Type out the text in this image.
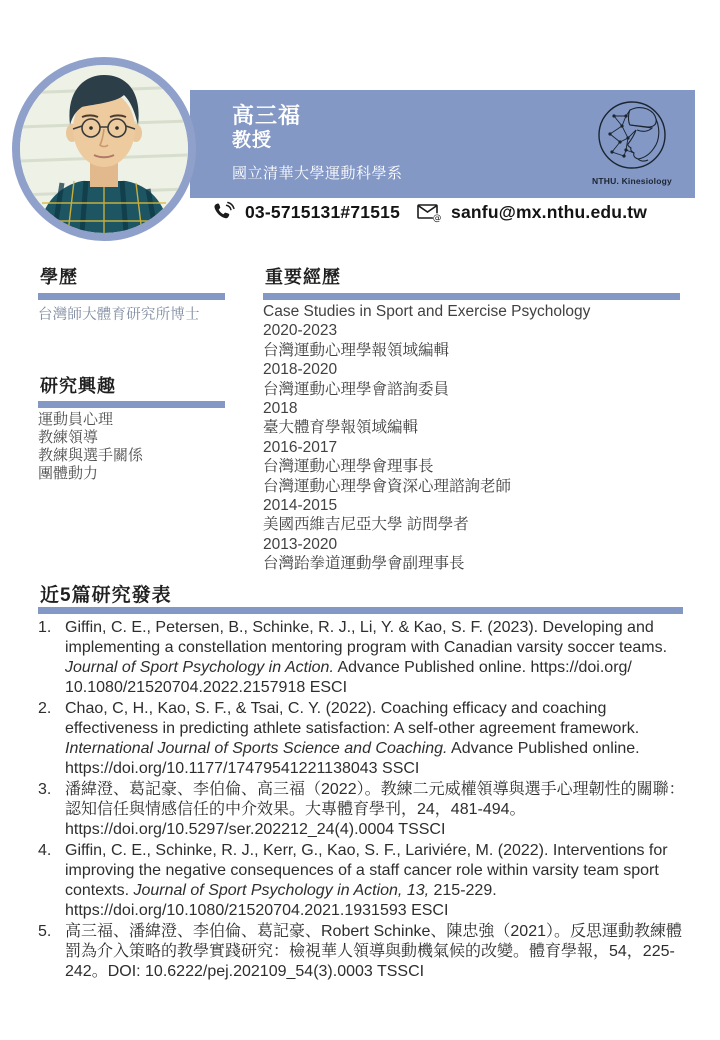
高三福
教授
國立清華大學運動科學系	NTHU. Kinesiology
03-5715131#71515	@ sanfu@mx.nthu.edu.tw
學歷
台灣師大體育研究所博士
研究興趣
運動員心理
教練領導
教練與選手關係
團體動力
重要經歷
Case Studies in Sport and Exercise Psychology
2020-2023
台灣運動心理學報領域編輯
2018-2020
台灣運動心理學會諮詢委員
2018
臺大體育學報領域編輯
2016-2017
台灣運動心理學會理事長
台灣運動心理學會資深心理諮詢老師
2014-2015
美國西維吉尼亞大學 訪問學者
2013-2020
台灣跆拳道運動學會副理事長
近5篇研究發表
1. Giffin, C. E., Petersen, B., Schinke, R. J., Li, Y. & Kao, S. F. (2023). Developing and implementing a constellation mentoring program with Canadian varsity soccer teams. Journal of Sport Psychology in Action. Advance Published online. https://doi.org/ 10.1080/21520704.2022.2157918 ESCI
2. Chao, C, H., Kao, S. F., & Tsai, C. Y. (2022). Coaching efficacy and coaching effectiveness in predicting athlete satisfaction: A self-other agreement framework. International Journal of Sports Science and Coaching. Advance Published online. https://doi.org/10.1177/17479541221138043 SSCI
3. 潘緯澄、葛記豪、李伯倫、高三福（2022）。教練二元威權領導與選手心理韌性的關聯：認知信任與情感信任的中介效果。大專體育學刊，24，481-494。https://doi.org/10.5297/ser.202212_24(4).0004 TSSCI
4. Giffin, C. E., Schinke, R. J., Kerr, G., Kao, S. F., Lariviére, M. (2022). Interventions for improving the negative consequences of a staff cancer role within varsity team sport contexts. Journal of Sport Psychology in Action, 13, 215-229. https://doi.org/10.1080/21520704.2021.1931593 ESCI
5. 高三福、潘緯澄、李伯倫、葛記豪、Robert Schinke、陳忠強（2021）。反思運動教練體罰為介入策略的教學實踐研究：檢視華人領導與動機氣候的改變。體育學報，54，225-242。DOI: 10.6222/pej.202109_54(3).0003 TSSCI
